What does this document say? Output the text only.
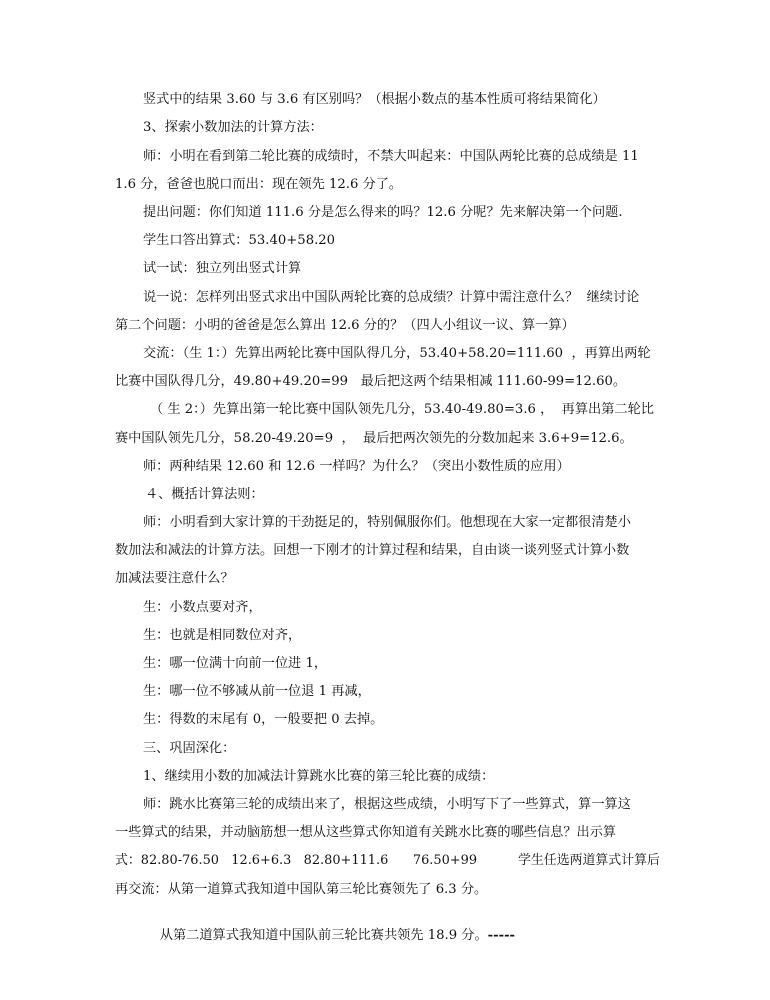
竖式中的结果 3.60 与 3.6 有区别吗？（根据小数点的基本性质可将结果简化）
3、探索小数加法的计算方法：
师：小明在看到第二轮比赛的成绩时，不禁大叫起来：中国队两轮比赛的总成绩是 11
1.6 分，爸爸也脱口而出：现在领先 12.6 分了。
提出问题：你们知道 111.6 分是怎么得来的吗？12.6 分呢？先来解决第一个问题.
学生口答出算式：53.40+58.20
试一试：独立列出竖式计算
说一说：怎样列出竖式求出中国队两轮比赛的总成绩？计算中需注意什么？  继续讨论
第二个问题：小明的爸爸是怎么算出 12.6 分的？（四人小组议一议、算一算）
交流：（生 1：）先算出两轮比赛中国队得几分，53.40+58.20=111.60  ，再算出两轮
比赛中国队得几分，49.80+49.20=99   最后把这两个结果相减 111.60-99=12.60。
（ 生 2：）先算出第一轮比赛中国队领先几分，53.40-49.80=3.6 ，  再算出第二轮比
赛中国队领先几分，58.20-49.20=9  ，  最后把两次领先的分数加起来 3.6+9=12.6。
师：两种结果 12.60 和 12.6 一样吗？为什么？（突出小数性质的应用）
４、概括计算法则：
师：小明看到大家计算的干劲挺足的，特别佩服你们。他想现在大家一定都很清楚小
数加法和减法的计算方法。回想一下刚才的计算过程和结果，自由谈一谈列竖式计算小数
加减法要注意什么？
生：小数点要对齐，
生：也就是相同数位对齐，
生：哪一位满十向前一位进 1，
生：哪一位不够减从前一位退 1 再减，
生：得数的末尾有 0，一般要把 0 去掉。
三、巩固深化：
1、继续用小数的加减法计算跳水比赛的第三轮比赛的成绩：
师：跳水比赛第三轮的成绩出来了，根据这些成绩，小明写下了一些算式，算一算这
一些算式的结果，并动脑筋想一想从这些算式你知道有关跳水比赛的哪些信息？出示算
式：82.80-76.50   12.6+6.3   82.80+111.6      76.50+99          学生任选两道算式计算后
再交流：从第一道算式我知道中国队第三轮比赛领先了 6.3 分。

从第二道算式我知道中国队前三轮比赛共领先 18.9 分。-----
